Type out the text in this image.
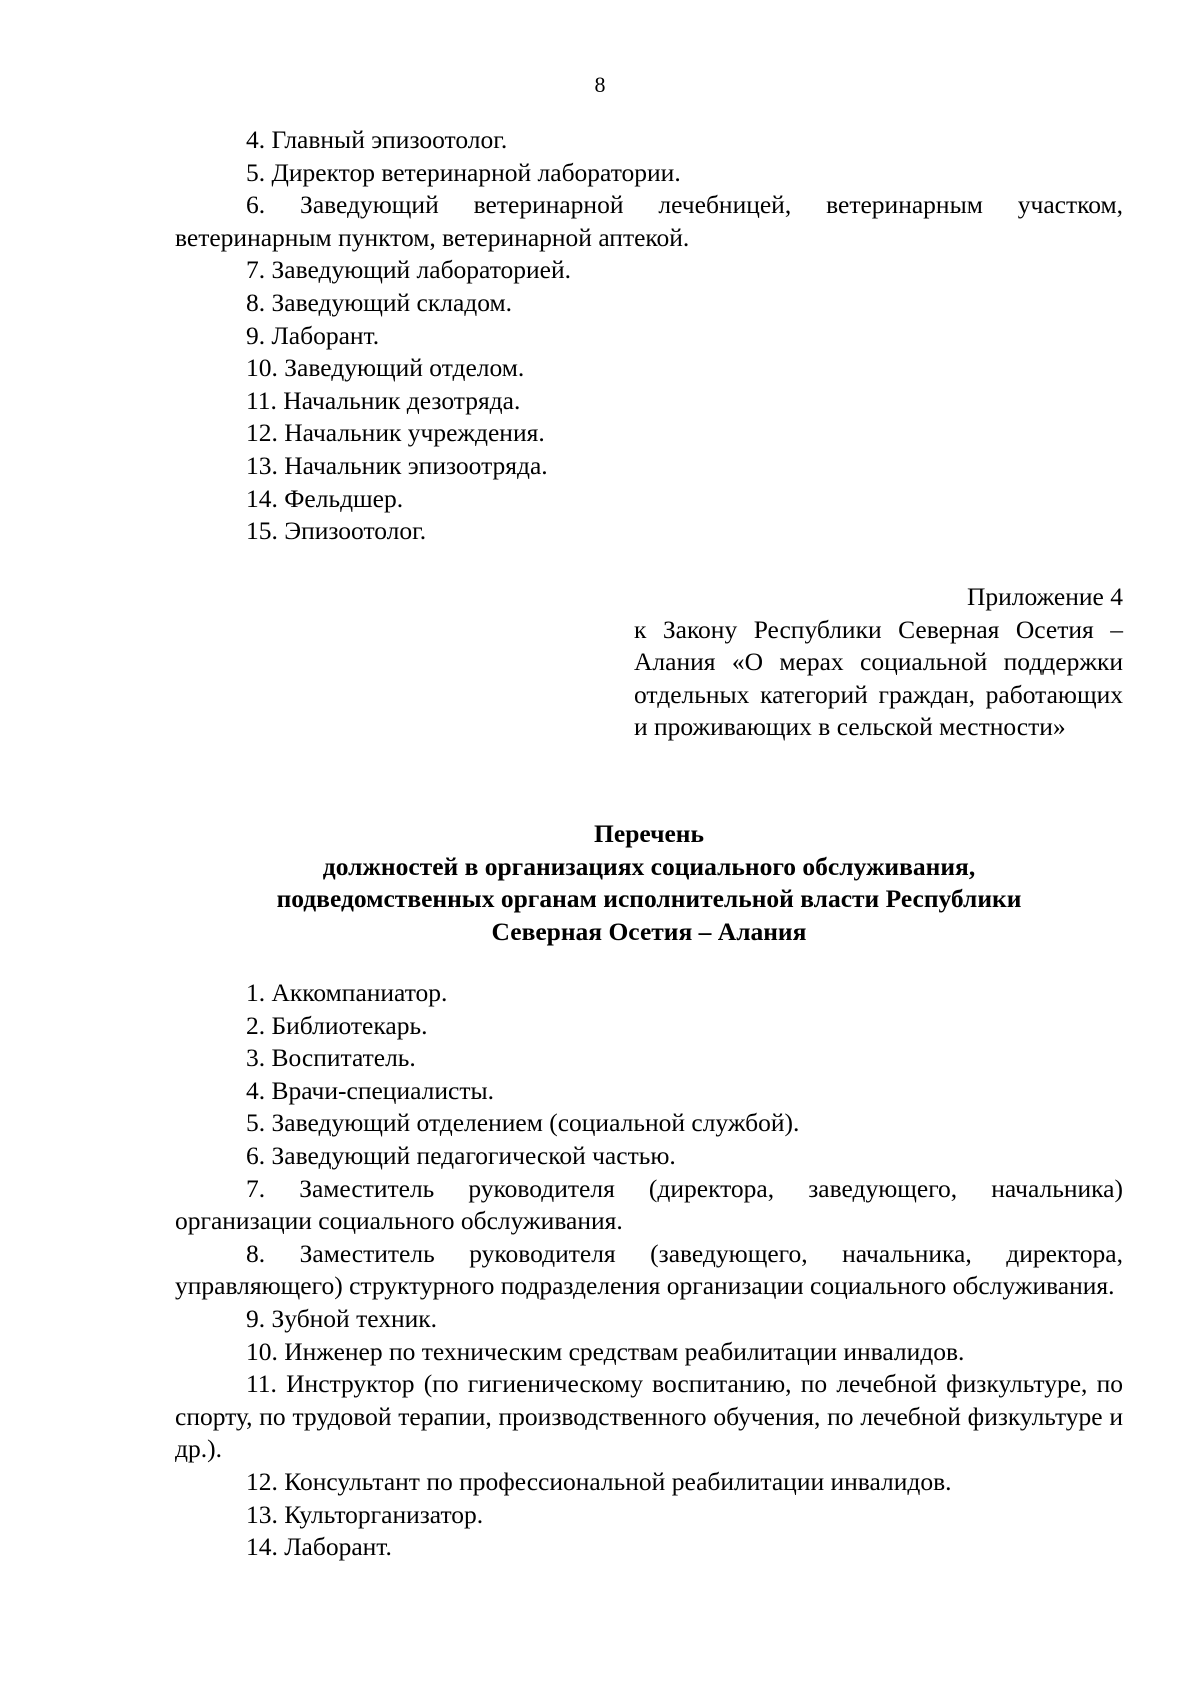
8

4. Главный эпизоотолог.

5. Директор ветеринарной лаборатории.

6. Заведующий ветеринарной лечебницей, ветеринарным участком, ветеринарным пунктом, ветеринарной аптекой.

7. Заведующий лабораторией.

8. Заведующий складом.

9. Лаборант.

10. Заведующий отделом.

11. Начальник дезотряда.

12. Начальник учреждения.

13. Начальник эпизоотряда.

14. Фельдшер.

15. Эпизоотолог.

Приложение 4

к Закону Республики Северная Осетия – Алания «О мерах социальной поддержки отдельных категорий граждан, работающих и проживающих в сельской местности»

Перечень
должностей в организациях социального обслуживания,
подведомственных органам исполнительной власти Республики
Северная Осетия – Алания

1. Аккомпаниатор.

2. Библиотекарь.

3. Воспитатель.

4. Врачи-специалисты.

5. Заведующий отделением (социальной службой).

6. Заведующий педагогической частью.

7. Заместитель руководителя (директора, заведующего, начальника) организации социального обслуживания.

8. Заместитель руководителя (заведующего, начальника, директора, управляющего) структурного подразделения организации социального обслуживания.

9. Зубной техник.

10. Инженер по техническим средствам реабилитации инвалидов.

11. Инструктор (по гигиеническому воспитанию, по лечебной физкультуре, по спорту, по трудовой терапии, производственного обучения, по лечебной физкультуре и др.).

12. Консультант по профессиональной реабилитации инвалидов.

13. Культорганизатор.

14. Лаборант.
